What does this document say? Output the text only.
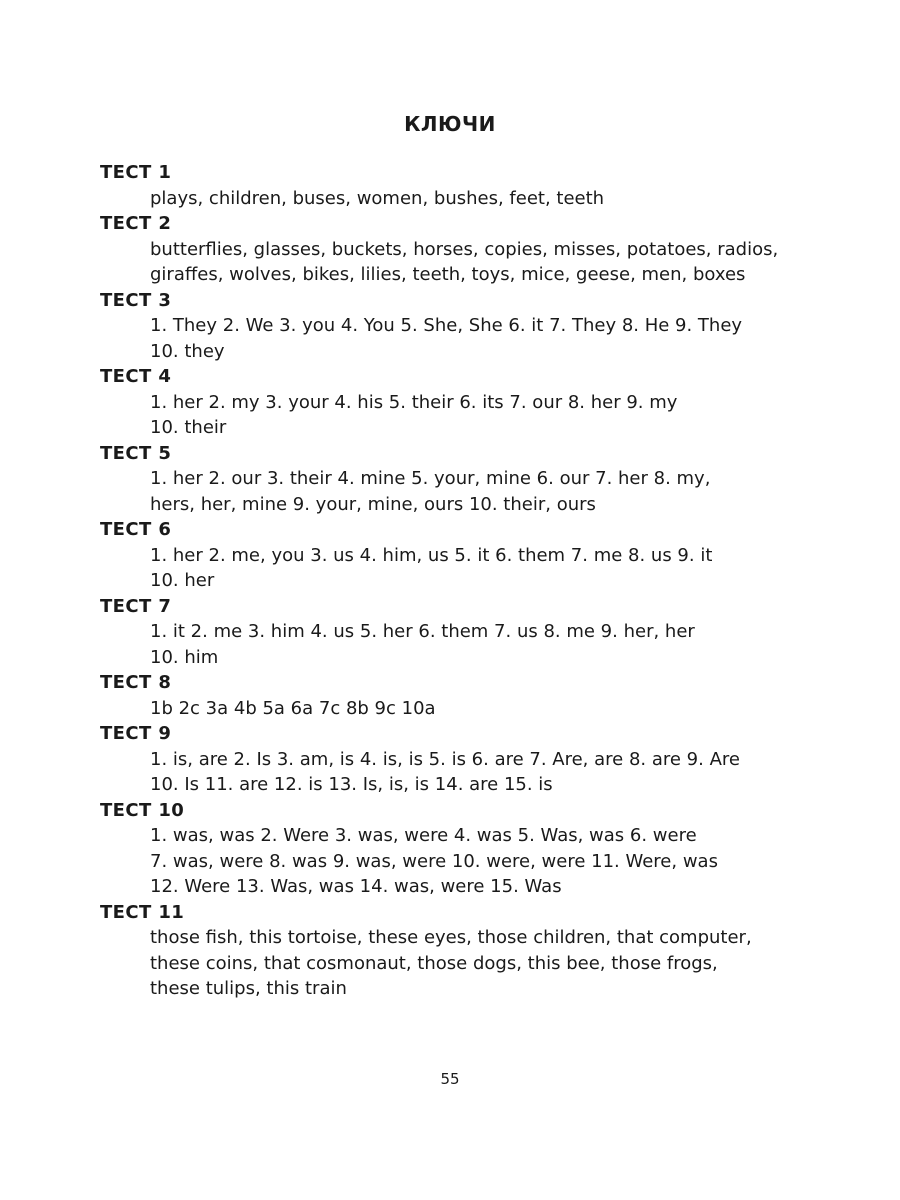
КЛЮЧИ
ТЕСТ 1
plays, children, buses, women, bushes, feet, teeth
ТЕСТ 2
butterflies, glasses, buckets, horses, copies, misses, potatoes, radios,
giraffes, wolves, bikes, lilies, teeth, toys, mice, geese, men, boxes
ТЕСТ 3
1. They 2. We 3. you 4. You 5. She, She 6. it 7. They 8. He 9. They
10. they
ТЕСТ 4
1. her 2. my 3. your 4. his 5. their 6. its 7. our 8. her 9. my
10. their
ТЕСТ 5
1. her 2. our 3. their 4. mine 5. your, mine 6. our 7. her 8. my,
hers, her, mine 9. your, mine, ours 10. their, ours
ТЕСТ 6
1. her 2. me, you 3. us 4. him, us 5. it 6. them 7. me 8. us 9. it
10. her
ТЕСТ 7
1. it 2. me 3. him 4. us 5. her 6. them 7. us 8. me 9. her, her
10. him
ТЕСТ 8
1b 2c 3a 4b 5a 6a 7c 8b 9c 10a
ТЕСТ 9
1. is, are 2. Is 3. am, is 4. is, is 5. is 6. are 7. Are, are 8. are 9. Are
10. Is 11. are 12. is 13. Is, is, is 14. are 15. is
ТЕСТ 10
1. was, was 2. Were 3. was, were 4. was 5. Was, was 6. were
7. was, were 8. was 9. was, were 10. were, were 11. Were, was
12. Were 13. Was, was 14. was, were 15. Was
ТЕСТ 11
those fish, this tortoise, these eyes, those children, that computer,
these coins, that cosmonaut, those dogs, this bee, those frogs,
these tulips, this train
55
